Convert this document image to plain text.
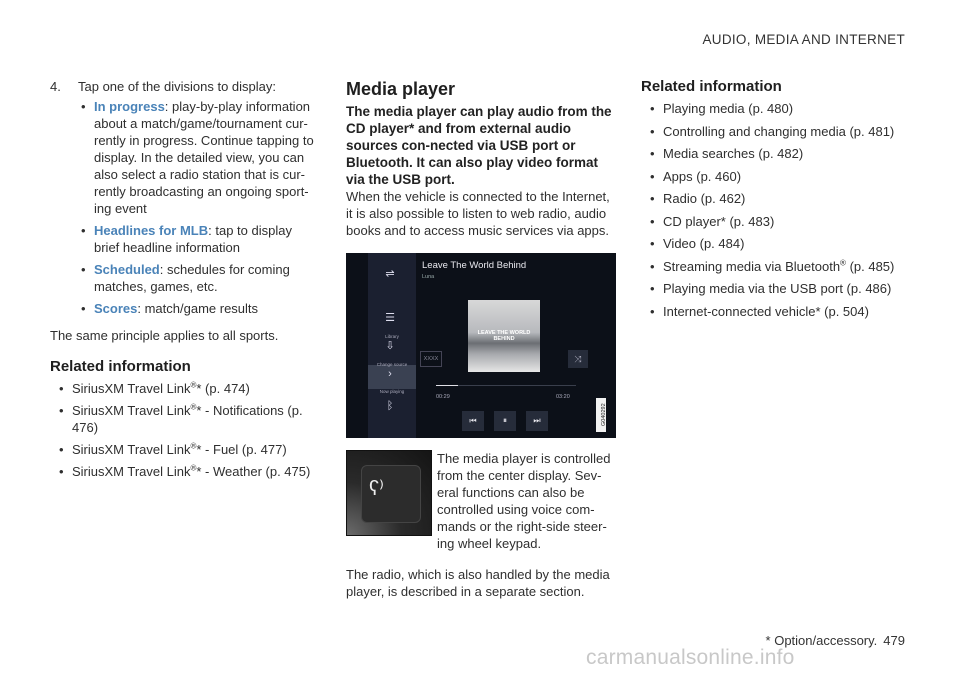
AUDIO, MEDIA AND INTERNET
4.	Tap one of the divisions to display:
• In progress: play-by-play information about a match/game/tournament cur-rently in progress. Continue tapping to display. In the detailed view, you can also select a radio station that is cur-rently broadcasting an ongoing sport-ing event
• Headlines for MLB: tap to display brief headline information
• Scheduled: schedules for coming matches, games, etc.
• Scores: match/game results
The same principle applies to all sports.
Related information
• SiriusXM Travel Link®* (p. 474)
• SiriusXM Travel Link®* - Notifications (p. 476)
• SiriusXM Travel Link®* - Fuel (p. 477)
• SiriusXM Travel Link®* - Weather (p. 475)
Media player
The media player can play audio from the CD player* and from external audio sources con-nected via USB port or Bluetooth. It can also play video format via the USB port.
When the vehicle is connected to the Internet, it is also possible to listen to web radio, audio books and to access music services via apps.
⇌
☰
Library
⇩
Change source
›
Now playing
ᛒ
Leave The World Behind
Luna
LEAVE THE WORLD BEHIND
XXXX	⤨
00:29	03:20
⏮	⏸	⏭	G040292
ʕ⁾
The media player is controlled from the center display. Sev-eral functions can also be controlled using voice com-mands or the right-side steer-ing wheel keypad.
The radio, which is also handled by the media player, is described in a separate section.
Related information
• Playing media (p. 480)
• Controlling and changing media (p. 481)
• Media searches (p. 482)
• Apps (p. 460)
• Radio (p. 462)
• CD player* (p. 483)
• Video (p. 484)
• Streaming media via Bluetooth® (p. 485)
• Playing media via the USB port (p. 486)
• Internet-connected vehicle* (p. 504)
* Option/accessory. 479
carmanualsonline.info
